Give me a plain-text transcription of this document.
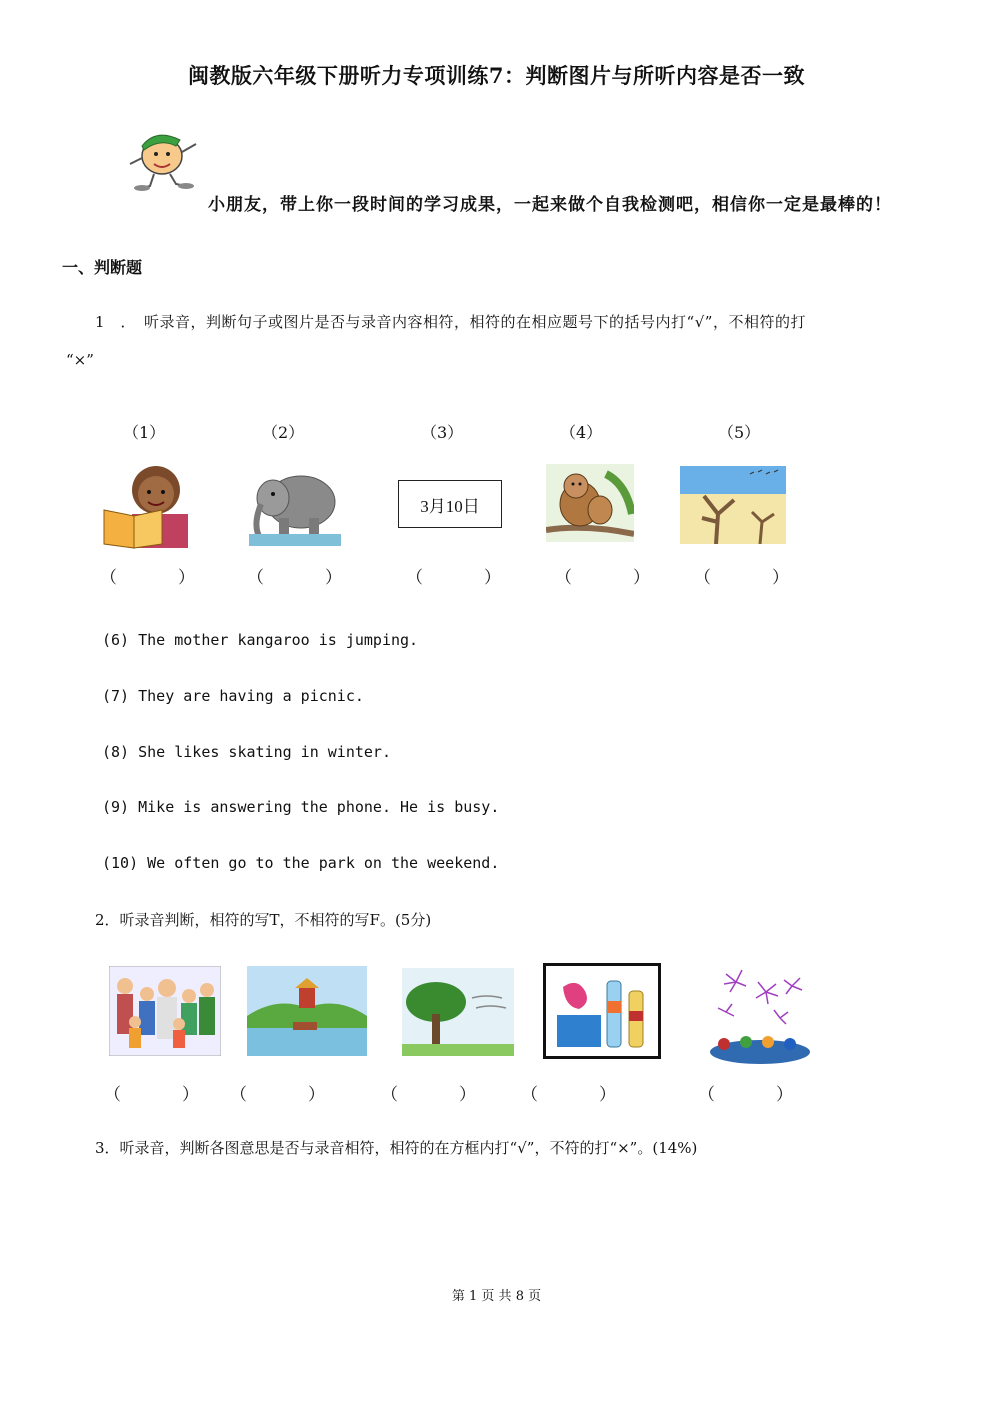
闽教版六年级下册听力专项训练7：判断图片与所听内容是否一致
小朋友，带上你一段时间的学习成果，一起来做个自我检测吧，相信你一定是最棒的！
一、判断题
1　．　听录音，判断句子或图片是否与录音内容相符，相符的在相应题号下的括号内打“√”，不相符的打
“×”
（1）	（2）	（3）	（4）	（5）
3月10日
（　） （　） （　） （　） （　）
(6) The mother kangaroo is jumping.
(7) They are having a picnic.
(8) She likes skating in winter.
(9) Mike is answering the phone. He is busy.
(10) We often go to the park on the weekend.
2．听录音判断，相符的写T，不相符的写F。(5分)
（　） （　） （　） （　）	（　）
3．听录音，判断各图意思是否与录音相符，相符的在方框内打“√”，不符的打“×”。(14%)
第 1 页 共 8 页
